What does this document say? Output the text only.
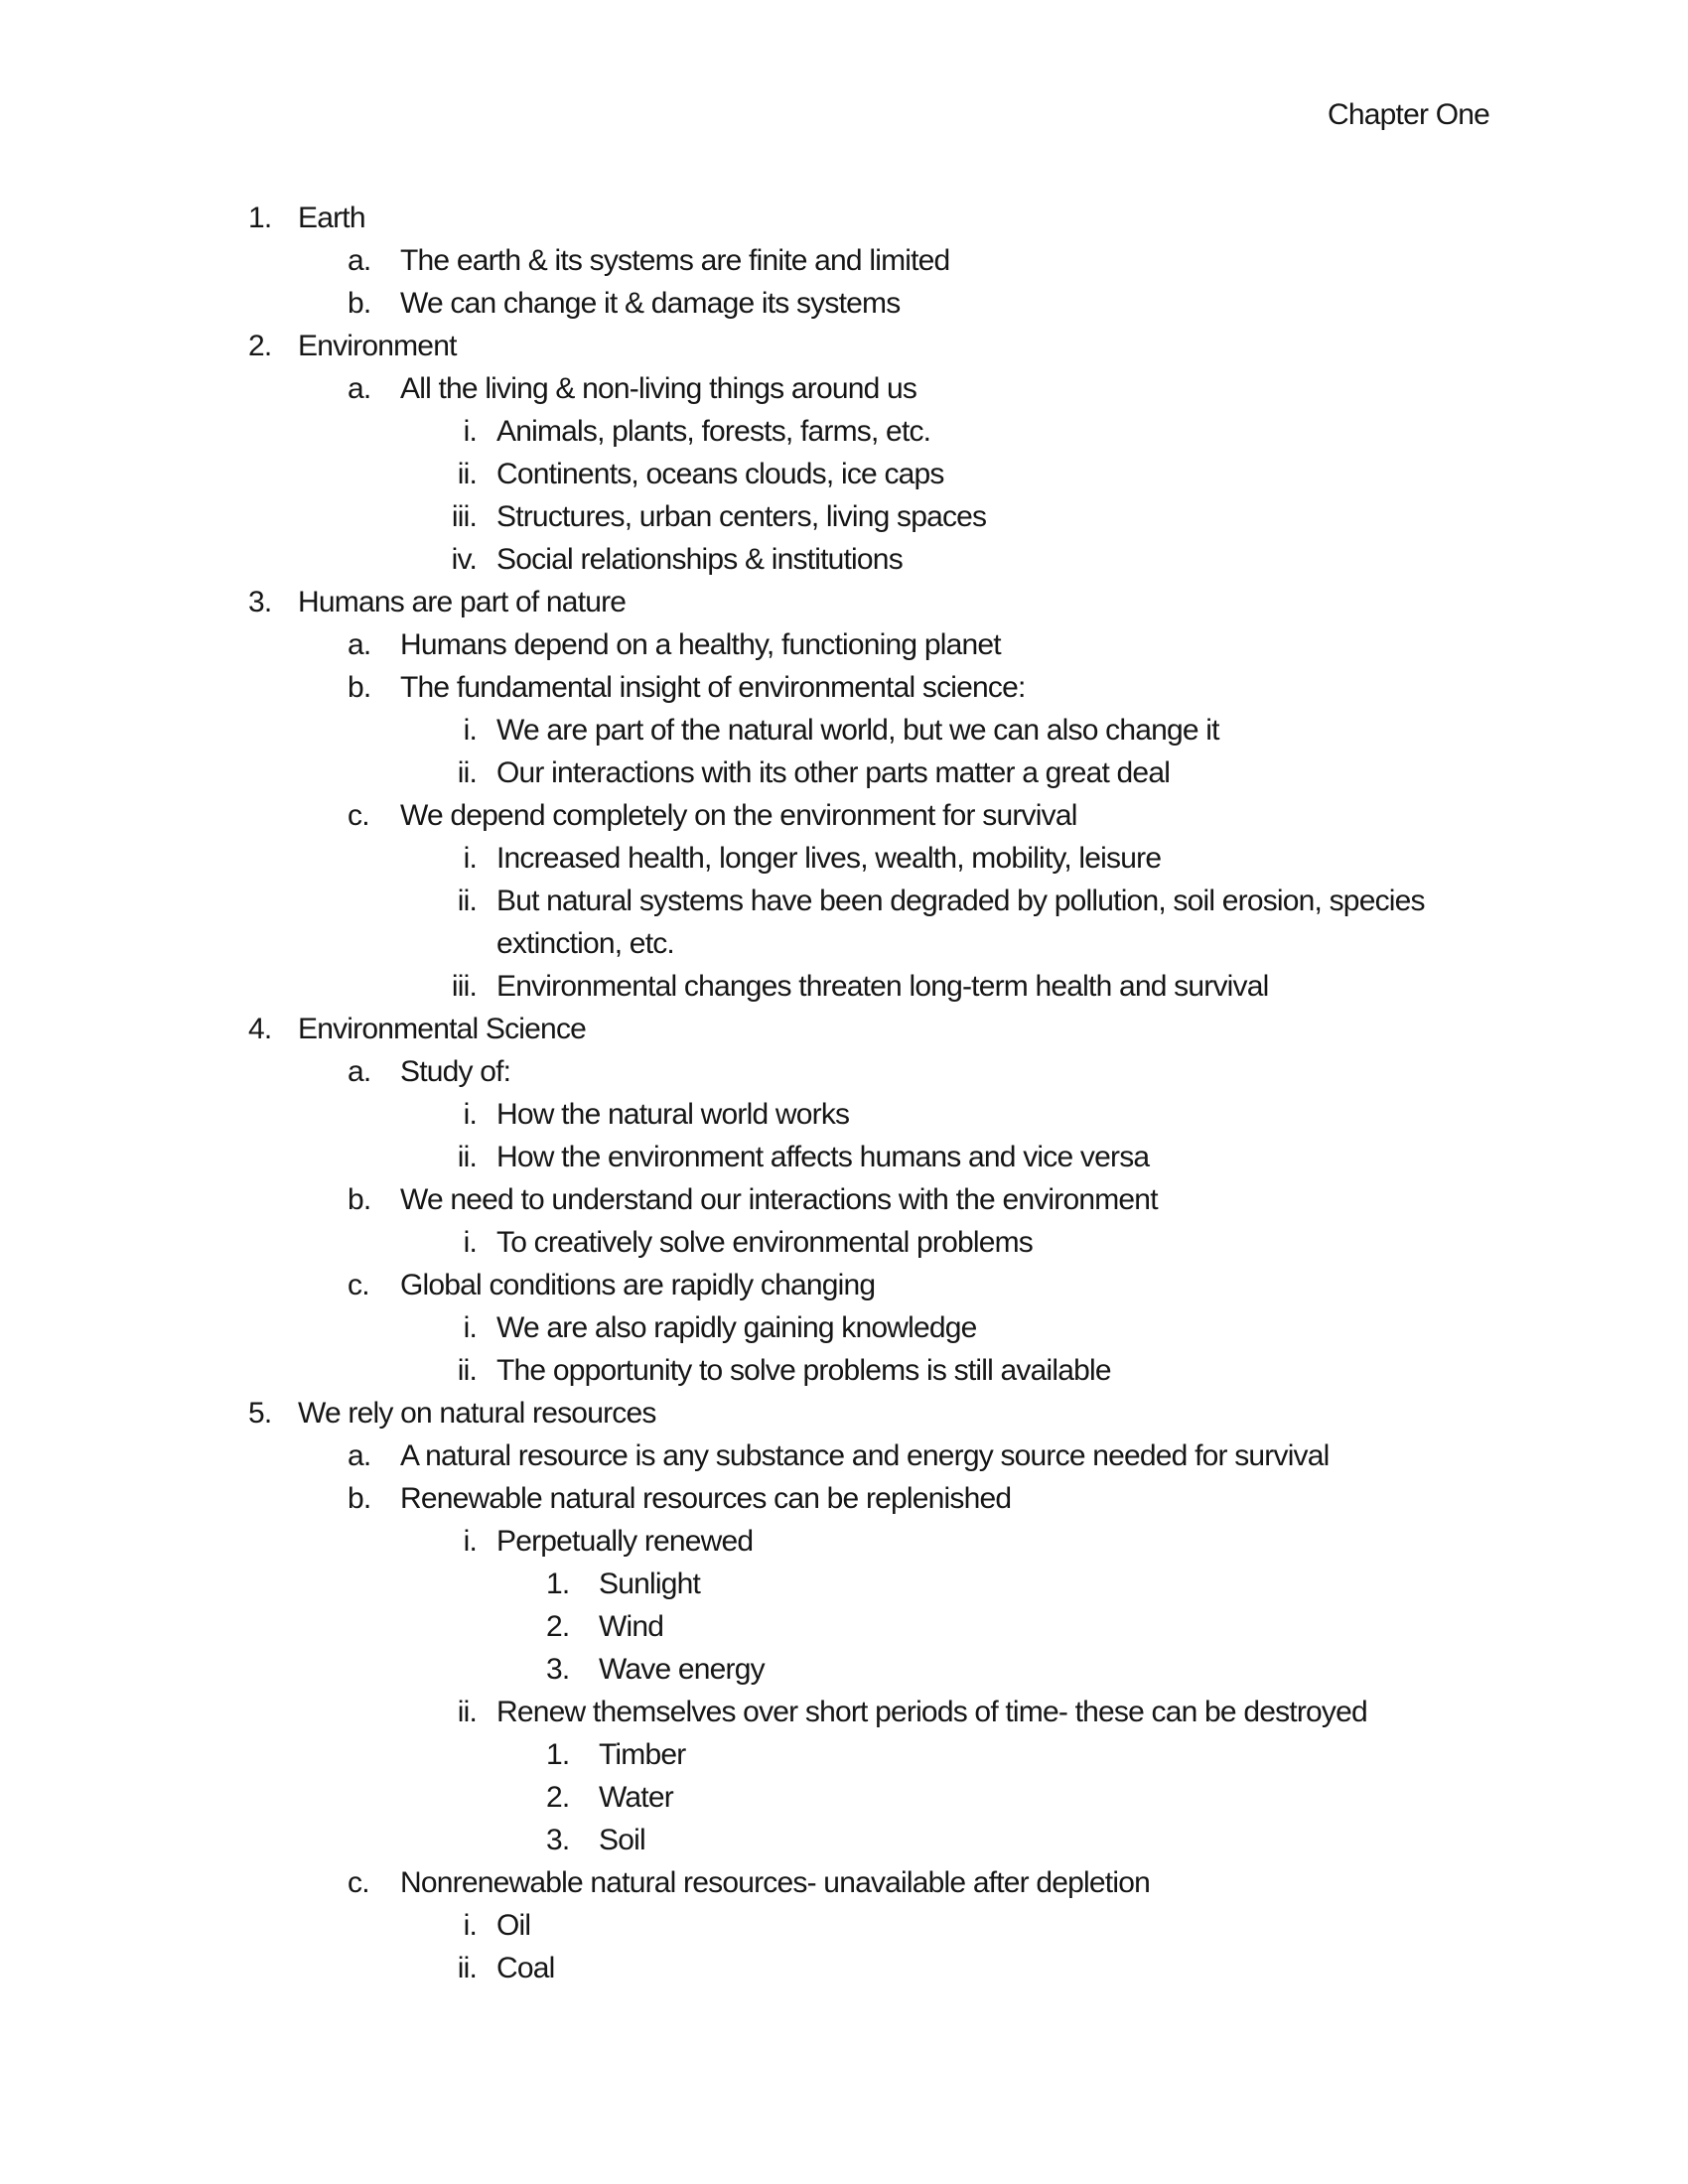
Chapter One
1. Earth
a. The earth & its systems are finite and limited
b. We can change it & damage its systems
2. Environment
a. All the living & non-living things around us
i. Animals, plants, forests, farms, etc.
ii. Continents, oceans clouds, ice caps
iii. Structures, urban centers, living spaces
iv. Social relationships & institutions
3. Humans are part of nature
a. Humans depend on a healthy, functioning planet
b. The fundamental insight of environmental science:
i. We are part of the natural world, but we can also change it
ii. Our interactions with its other parts matter a great deal
c.	We depend completely on the environment for survival
i. Increased health, longer lives, wealth, mobility, leisure
ii. But natural systems have been degraded by pollution, soil erosion, species
extinction, etc.
iii. Environmental changes threaten long-term health and survival
4. Environmental Science
a. Study of:
i. How the natural world works
ii. How the environment affects humans and vice versa
b. We need to understand our interactions with the environment
i. To creatively solve environmental problems
c.	Global conditions are rapidly changing
i. We are also rapidly gaining knowledge
ii. The opportunity to solve problems is still available
5. We rely on natural resources
a. A natural resource is any substance and energy source needed for survival
b. Renewable natural resources can be replenished
i. Perpetually renewed
1. Sunlight
2. Wind
3. Wave energy
ii. Renew themselves over short periods of time- these can be destroyed
1. Timber
2. Water
3. Soil
c.	Nonrenewable natural resources- unavailable after depletion
i. Oil
ii. Coal
